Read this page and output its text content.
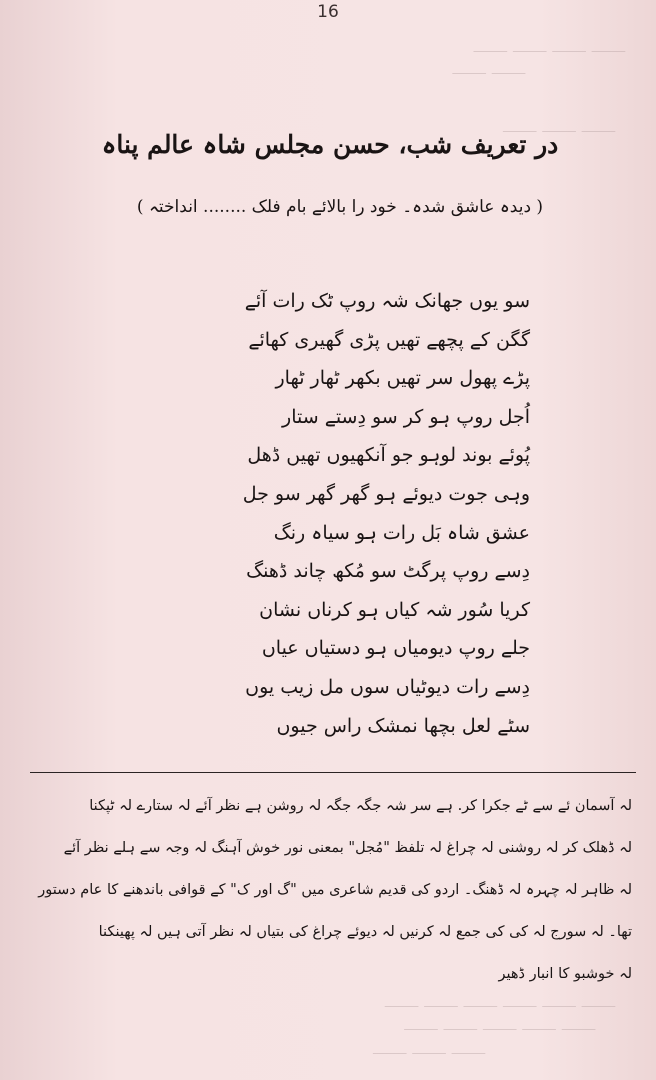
16
⸻ ⸻ ⸻ ⸻
⸻ ⸻
⸻ ⸻ ⸻
در تعریف شب، حسن مجلس شاہ عالم پناہ
( دیدہ عاشق شدہ۔ خود را بالائے بام فلک ........ انداختہ )
سو یوں جھانک شہ روپ ٹک رات آئے
گگن کے پچھے تھیں پڑی گھیری کھائے
پڑے پھول سر تھیں بکھر ٹھار ٹھار
اُجل روپ ہو کر سو دِستے ستار
پُوئے بوند لوہو جو آنکھیوں تھیں ڈھل
وہی جوت دیوئے ہو گھر گھر سو جل
عشق شاہ بَل رات ہو سیاہ رنگ
دِسے روپ پرگٹ سو مُکھ چاند ڈھنگ
کریا سُور شہ کیاں ہو کرناں نشان
جلے روپ دیومیاں ہو دستیاں عیاں
دِسے رات دیوٹیاں سوں مل زیب یوں
سٹے لعل بچھا نمشک راس جیوں
لہ آسمان ئے سے ٹے جکرا کر. ہے سر شہ جگہ جگہ لہ روشن ہے نظر آئے لہ ستارے لہ ٹپکنا
لہ ڈھلک کر لہ روشنی لہ چراغ لہ تلفظ "مُجل" بمعنی نور خوش آہنگ لہ وجہ سے ہلے نظر آئے
لہ ظاہر لہ چہرہ لہ ڈھنگ۔ اردو کی قدیم شاعری میں "گ اور ک" کے قوافی باندھنے کا عام دستور
تھا۔ لہ سورج لہ کی کی جمع لہ کرنیں لہ دیوئے چراغ کی بتیاں لہ نظر آتی ہیں لہ پھینکنا
لہ خوشبو کا انبار ڈھیر
⸻ ⸻ ⸻ ⸻ ⸻ ⸻
⸻ ⸻ ⸻ ⸻ ⸻
⸻ ⸻ ⸻
